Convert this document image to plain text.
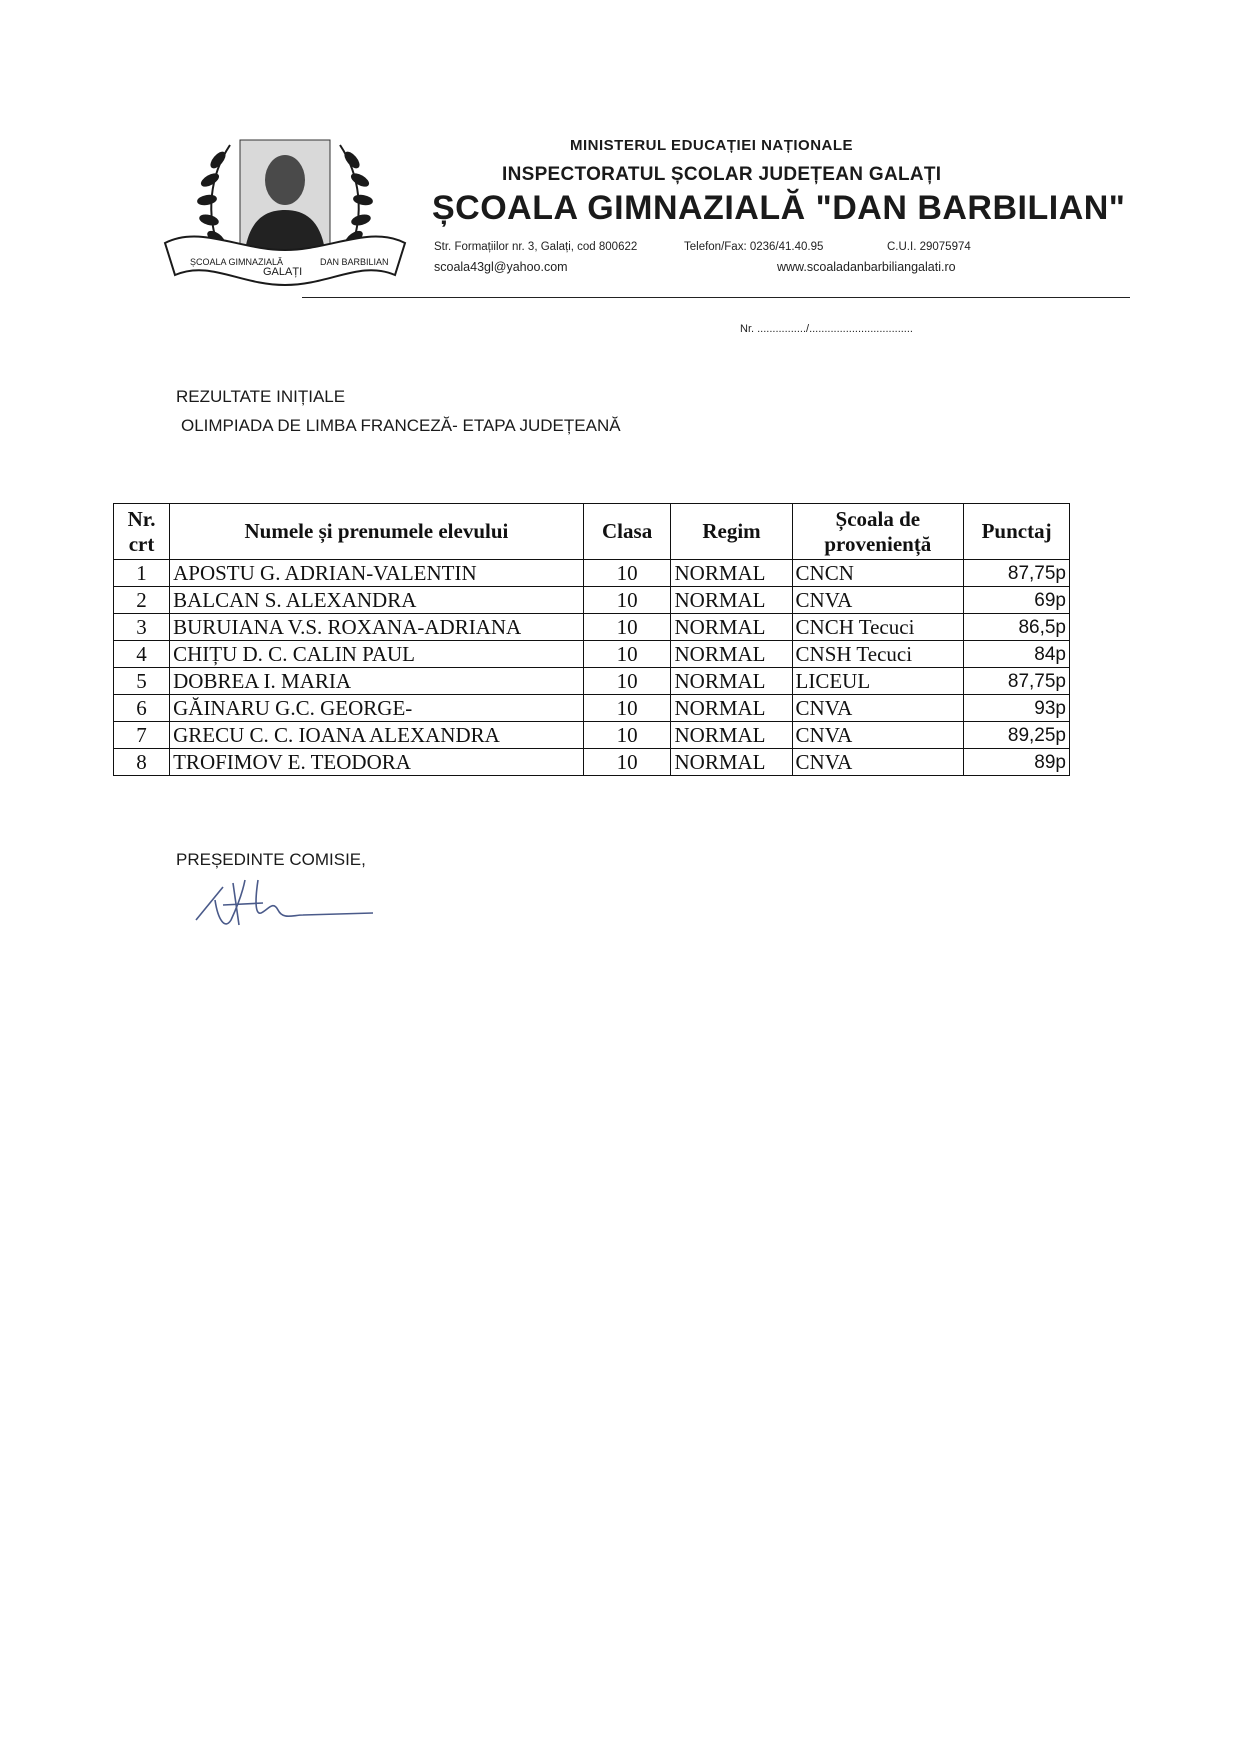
ȘCOALA GIMNAZIALĂ
GALAȚI
DAN BARBILIAN
MINISTERUL EDUCAȚIEI NAȚIONALE
INSPECTORATUL ȘCOLAR JUDEȚEAN GALAȚI
ȘCOALA GIMNAZIALĂ "DAN BARBILIAN"
Str. Formațiilor nr. 3, Galați, cod 800622	Telefon/Fax: 0236/41.40.95	C.U.I. 29075974
scoala43gl@yahoo.com	www.scoaladanbarbiliangalati.ro
Nr. ................/..................................
REZULTATE INIȚIALE
OLIMPIADA DE LIMBA FRANCEZĂ- ETAPA JUDEȚEANĂ
Nr. crt	Numele și prenumele elevului	Clasa	Regim	Școala de proveniență	Punctaj
1	APOSTU G. ADRIAN-VALENTIN	10	NORMAL	CNCN	87,75p
2	BALCAN S. ALEXANDRA	10	NORMAL	CNVA	69p
3	BURUIANA V.S. ROXANA-ADRIANA	10	NORMAL	CNCH Tecuci	86,5p
4	CHIȚU D. C. CALIN PAUL	10	NORMAL	CNSH Tecuci	84p
5	DOBREA I. MARIA	10	NORMAL	LICEUL	87,75p
6	GĂINARU G.C. GEORGE-	10	NORMAL	CNVA	93p
7	GRECU C. C. IOANA ALEXANDRA	10	NORMAL	CNVA	89,25p
8	TROFIMOV E. TEODORA	10	NORMAL	CNVA	89p
PREȘEDINTE COMISIE,
